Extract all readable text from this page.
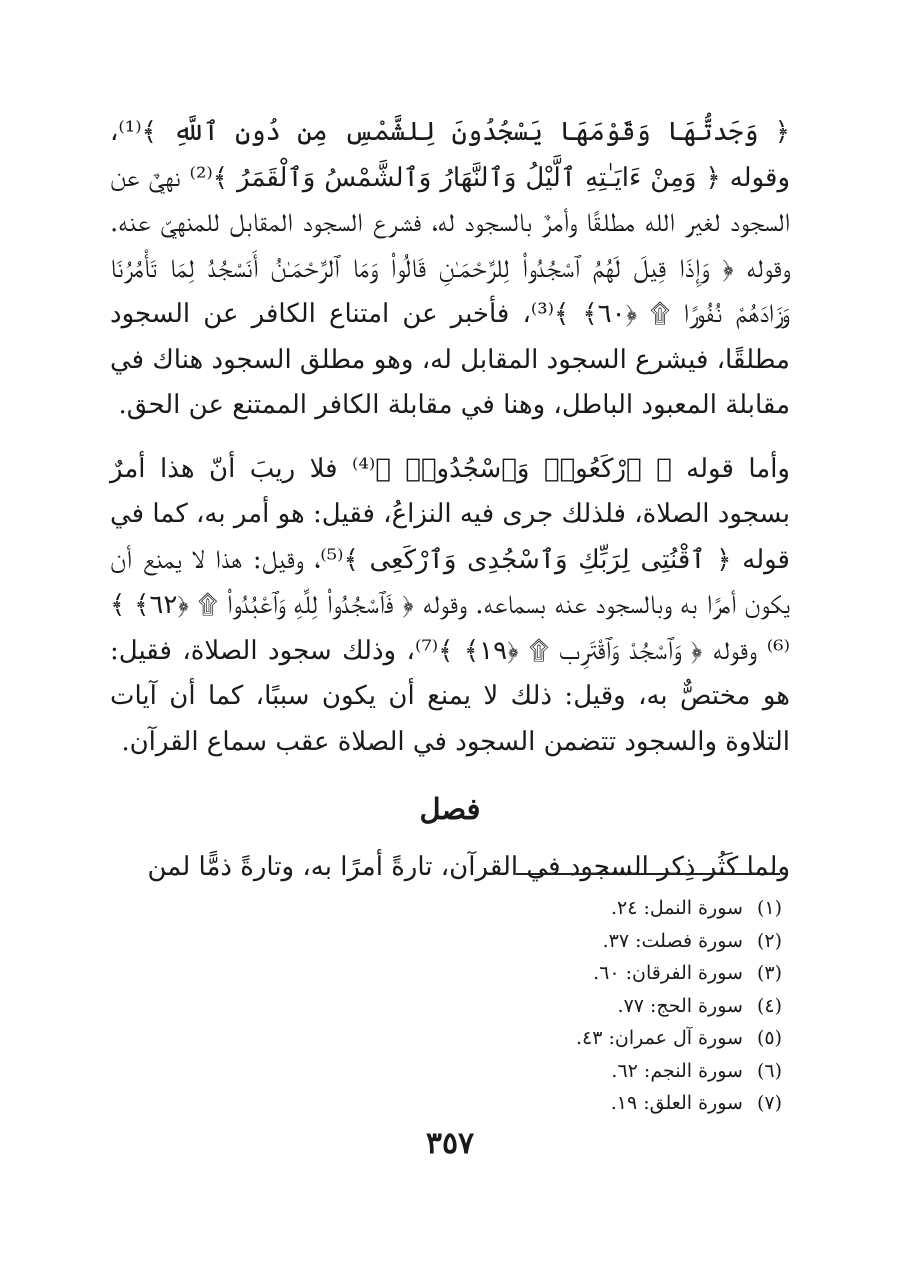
﴿ وَجَدتُّهَا وَقَوْمَهَا يَسْجُدُونَ لِلشَّمْسِ مِن دُونِ ٱللَّهِ ﴾⁽¹⁾، وقوله ﴿ وَمِنْ ءَايَـٰتِهِ ٱلَّيْلُ وَٱلنَّهَارُ وَٱلشَّمْسُ وَٱلْقَمَرُ ﴾⁽²⁾ نهيٌ عن السجود لغير الله مطلقًا وأمرٌ بالسجود له، فشرع السجود المقابل للمنهيّ عنه. وقوله ﴿ وَإِذَا قِيلَ لَهُمُ ٱسْجُدُوا۟ لِلرَّحْمَـٰنِ قَالُوا۟ وَمَا ٱلرَّحْمَـٰنُ أَنَسْجُدُ لِمَا تَأْمُرُنَا وَزَادَهُمْ نُفُورًا ۩ ﴿٦٠﴾ ﴾⁽³⁾، فأخبر عن امتناع الكافر عن السجود مطلقًا، فيشرع السجود المقابل له، وهو مطلق السجود هناك في مقابلة المعبود الباطل، وهنا في مقابلة الكافر الممتنع عن الحق.

وأما قوله ﴿ ٱرْكَعُوا۟ وَٱسْجُدُوا۟ ﴾⁽⁴⁾ فلا ريبَ أنّ هذا أمرٌ بسجود الصلاة، فلذلك جرى فيه النزاعُ، فقيل: هو أمر به، كما في قوله ﴿ ٱقْنُتِى لِرَبِّكِ وَٱسْجُدِى وَٱرْكَعِى ﴾⁽⁵⁾، وقيل: هذا لا يمنع أن يكون أمرًا به وبالسجود عنه بسماعه. وقوله ﴿ فَٱسْجُدُوا۟ لِلَّهِ وَٱعْبُدُوا۟ ۩ ﴿٦٢﴾ ﴾⁽⁶⁾ وقوله ﴿ وَٱسْجُدْ وَٱقْتَرِب ۩ ﴿١٩﴾ ﴾⁽⁷⁾، وذلك سجود الصلاة، فقيل: هو مختصٌّ به، وقيل: ذلك لا يمنع أن يكون سببًا، كما أن آيات التلاوة والسجود تتضمن السجود في الصلاة عقب سماع القرآن.

فصل

ولما كَثُر ذِكر السجود في القرآن، تارةً أمرًا به، وتارةً ذمًّا لمن

(١)سورة النمل: ٢٤.
(٢)سورة فصلت: ٣٧.
(٣)سورة الفرقان: ٦٠.
(٤)سورة الحج: ٧٧.
(٥)سورة آل عمران: ٤٣.
(٦)سورة النجم: ٦٢.
(٧)سورة العلق: ١٩.
٣٥٧
